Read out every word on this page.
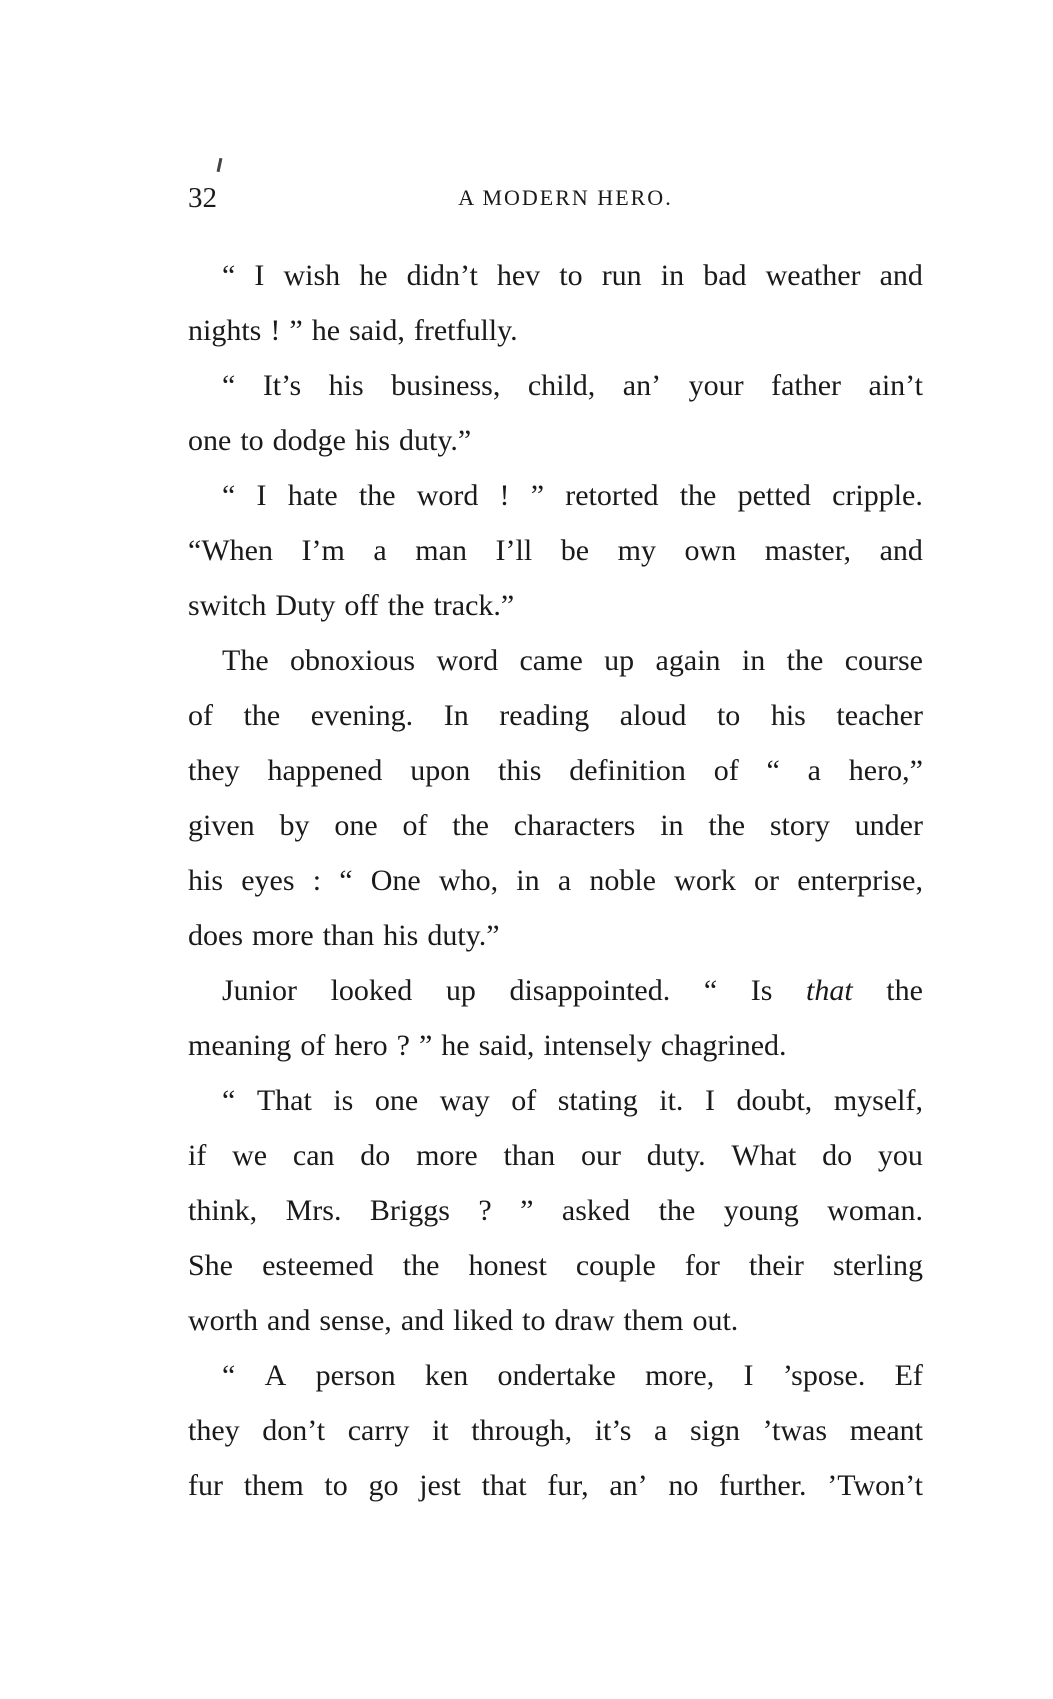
32	A MODERN HERO.
“ I wish he didn’t hev to run in bad weather and
nights ! ” he said, fretfully.
“ It’s his business, child, an’ your father ain’t
one to dodge his duty.”
“ I hate the word ! ” retorted the petted cripple.
“When I’m a man I’ll be my own master, and
switch Duty off the track.”
The obnoxious word came up again in the course
of the evening. In reading aloud to his teacher
they happened upon this definition of “ a hero,”
given by one of the characters in the story under
his eyes : “ One who, in a noble work or enterprise,
does more than his duty.”
Junior looked up disappointed. “ Is that the
meaning of hero ? ” he said, intensely chagrined.
“ That is one way of stating it. I doubt, myself,
if we can do more than our duty. What do you
think, Mrs. Briggs ? ” asked the young woman.
She esteemed the honest couple for their sterling
worth and sense, and liked to draw them out.
“ A person ken ondertake more, I ’spose. Ef
they don’t carry it through, it’s a sign ’twas meant
fur them to go jest that fur, an’ no further. ’Twon’t
